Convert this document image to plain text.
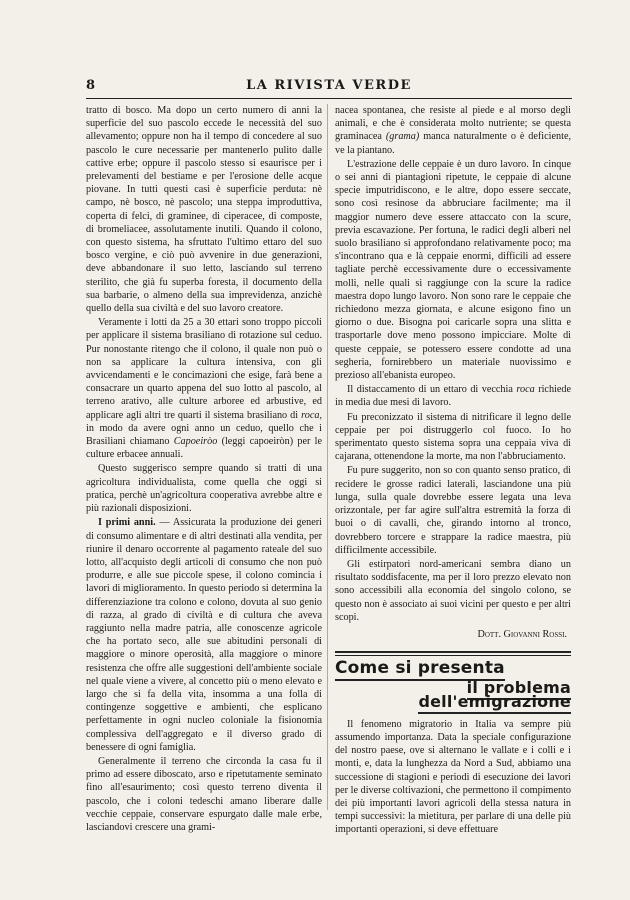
8	LA RIVISTA VERDE

tratto di bosco. Ma dopo un certo numero di anni la superficie del suo pascolo eccede le necessità del suo allevamento; oppure non ha il tempo di concedere al suo pascolo le cure necessarie per mantenerlo pulito dalle cattive erbe; oppure il pascolo stesso si esaurisce per i prelevamenti del bestiame e per l'erosione delle acque piovane. In tutti questi casi è superficie perduta: nè campo, nè bosco, nè pascolo; una steppa improduttiva, coperta di felci, di graminee, di ciperacee, di composte, di bromeliacee, assolutamente inutili. Quando il colono, con questo sistema, ha sfruttato l'ultimo ettaro del suo bosco vergine, e ciò può avvenire in due generazioni, deve abbandonare il suo letto, lasciando sul terreno sterilito, che già fu superba foresta, il documento della sua barbarie, o almeno della sua imprevidenza, anzichè quello della sua civiltà e del suo lavoro creatore.

Veramente i lotti da 25 a 30 ettari sono troppo piccoli per applicare il sistema brasiliano di rotazione sul ceduo. Pur nonostante ritengo che il colono, il quale non può o non sa applicare la cultura intensiva, con gli avvicendamenti e le concimazioni che esige, farà bene a consacrare un quarto appena del suo lotto al pascolo, al terreno arativo, alle culture arboree ed arbustive, ed applicare agli altri tre quarti il sistema brasiliano di roca, in modo da avere ogni anno un ceduo, quello che i Brasiliani chiamano Capoeiròo (leggi capoeiròn) per le culture erbacee annuali.

Questo suggerisco sempre quando si tratti di una agricoltura individualista, come quella che oggi si pratica, perchè un'agricoltura cooperativa avrebbe altre e più razionali disposizioni.

I primi anni. — Assicurata la produzione dei generi di consumo alimentare e di altri destinati alla vendita, per riunire il denaro occorrente al pagamento rateale del suo lotto, all'acquisto degli articoli di consumo che non può produrre, e alle sue piccole spese, il colono comincia i lavori di miglioramento. In questo periodo si determina la differenziazione tra colono e colono, dovuta al suo genio di razza, al grado di civiltà e di cultura che aveva raggiunto nella madre patria, alle conoscenze agricole che ha portato seco, alle sue abitudini personali di maggiore o minore operosità, alla maggiore o minore resistenza che offre alle suggestioni dell'ambiente sociale nel quale viene a vivere, al concetto più o meno elevato e largo che si fa della vita, insomma a una folla di contingenze soggettive e ambienti, che esplicano perfettamente in ogni nucleo coloniale la fisionomia complessiva dell'aggregato e il diverso grado di benessere di ogni famiglia.

Generalmente il terreno che circonda la casa fu il primo ad essere diboscato, arso e ripetutamente seminato fino all'esaurimento; così questo terreno diventa il pascolo, che i coloni tedeschi amano liberare dalle vecchie ceppaie, conservare espurgato dalle male erbe, lasciandovi crescere una grami-

nacea spontanea, che resiste al piede e al morso degli animali, e che è considerata molto nutriente; se questa graminacea (grama) manca naturalmente o è deficiente, ve la piantano.

L'estrazione delle ceppaie è un duro lavoro. In cinque o sei anni di piantagioni ripetute, le ceppaie di alcune specie imputridiscono, e le altre, dopo essere seccate, sono così resinose da abbruciare facilmente; ma il maggior numero deve essere attaccato con la scure, previa escavazione. Per fortuna, le radici degli alberi nel suolo brasiliano si approfondano relativamente poco; ma s'incontrano qua e là ceppaie enormi, difficili ad essere tagliate perchè eccessivamente dure o eccessivamente molli, nelle quali si raggiunge con la scure la radice maestra dopo lungo lavoro. Non sono rare le ceppaie che richiedono mezza giornata, e alcune esigono fino un giorno o due. Bisogna poi caricarle sopra una slitta e trasportarle dove meno possono impicciare. Molte di queste ceppaie, se potessero essere condotte ad una segheria, fornirebbero un materiale nuovissimo e prezioso all'ebanista europeo.

Il distaccamento di un ettaro di vecchia roca richiede in media due mesi di lavoro.

Fu preconizzato il sistema di nitrificare il legno delle ceppaie per poi distruggerlo col fuoco. Io ho sperimentato questo sistema sopra una ceppaia viva di cajarana, ottenendone la morte, ma non l'abbruciamento.

Fu pure suggerito, non so con quanto senso pratico, di recidere le grosse radici laterali, lasciandone una più lunga, sulla quale dovrebbe essere legata una leva orizzontale, per far agire sull'altra estremità la forza di buoi o di cavalli, che, girando intorno al tronco, dovrebbero torcere e strappare la radice maestra, più difficilmente accessibile.

Gli estirpatori nord-americani sembra diano un risultato soddisfacente, ma per il loro prezzo elevato non sono accessibili alla economia del singolo colono, se questo non è associato ai suoi vicini per questo e per altri scopi.

Dott. Giovanni Rossi.

Come si presenta
il problema dell'emigrazione

Il fenomeno migratorio in Italia va sempre più assumendo importanza. Data la speciale configurazione del nostro paese, ove si alternano le vallate e i colli e i monti, e, data la lunghezza da Nord a Sud, abbiamo una successione di stagioni e periodi di esecuzione dei lavori per le diverse coltivazioni, che permettono il compimento dei più importanti lavori agricoli della stessa natura in tempi successivi: la mietitura, per parlare di una delle più importanti operazioni, si deve effettuare
